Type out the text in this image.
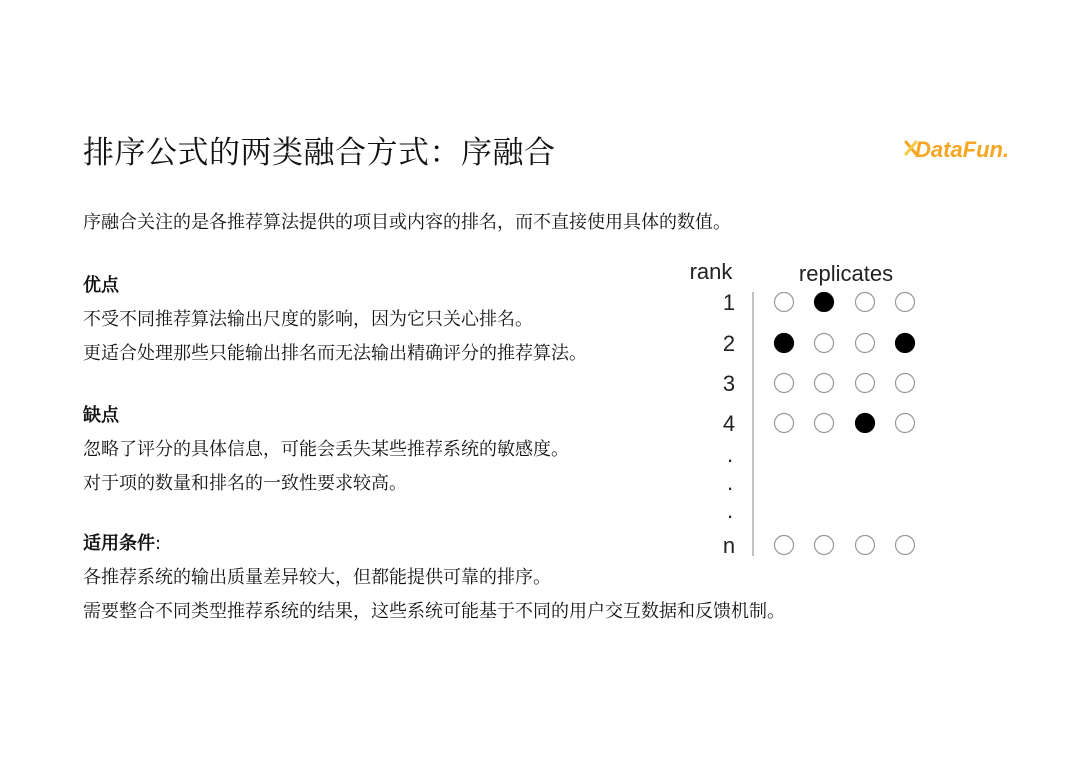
排序公式的两类融合方式：序融合	DataFun.
序融合关注的是各推荐算法提供的项目或内容的排名，而不直接使用具体的数值。
优点
不受不同推荐算法输出尺度的影响，因为它只关心排名。
更适合处理那些只能输出排名而无法输出精确评分的推荐算法。
缺点
忽略了评分的具体信息，可能会丢失某些推荐系统的敏感度。
对于项的数量和排名的一致性要求较高。
适用条件:
各推荐系统的输出质量差异较大，但都能提供可靠的排序。
需要整合不同类型推荐系统的结果，这些系统可能基于不同的用户交互数据和反馈机制。
rank	replicates
1
2
3
4
n
.
.
.
